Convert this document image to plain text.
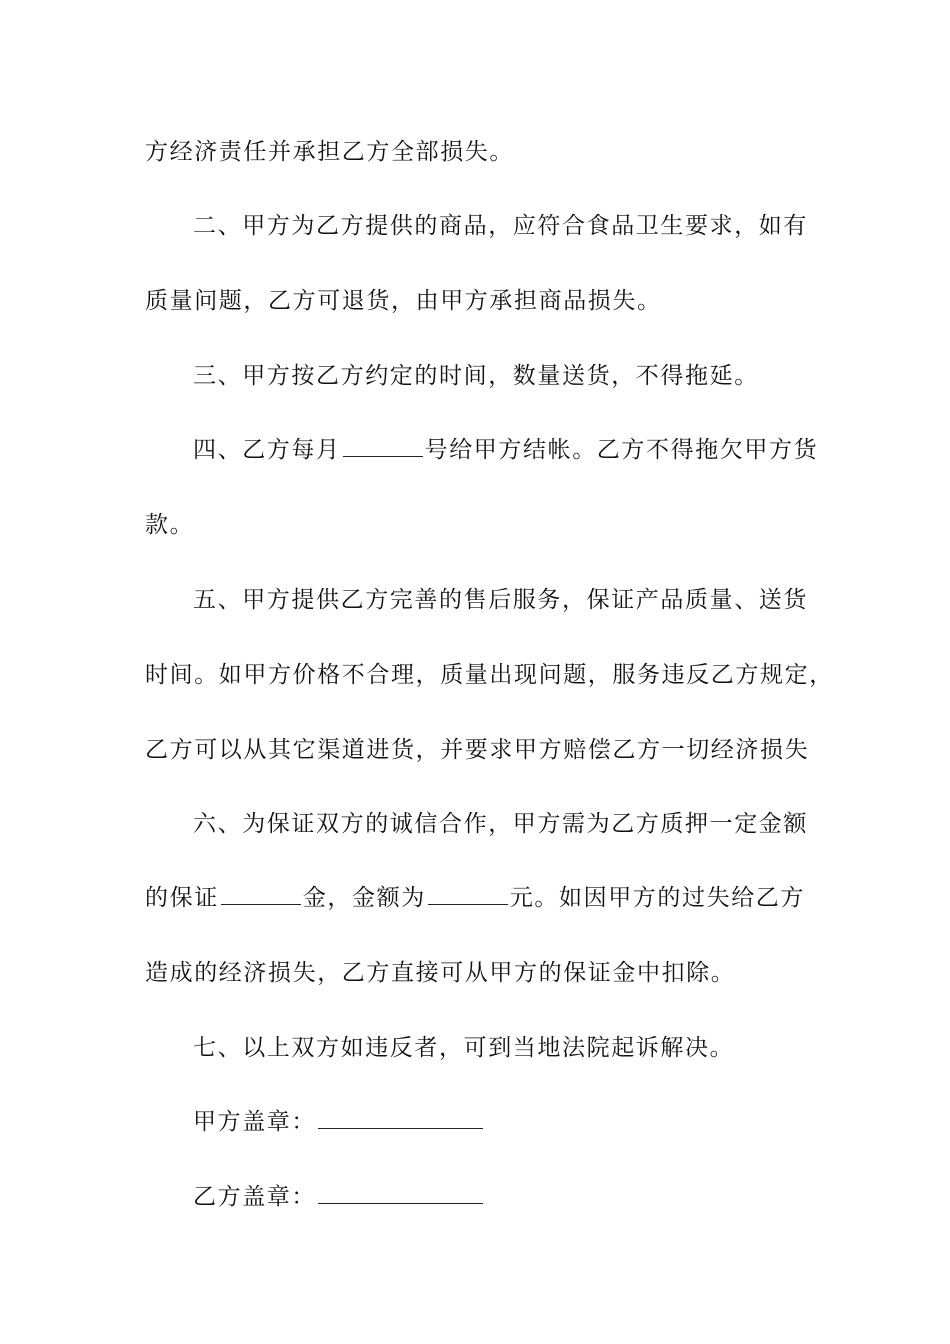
方经济责任并承担乙方全部损失。
二、甲方为乙方提供的商品，应符合食品卫生要求，如有
质量问题，乙方可退货，由甲方承担商品损失。
三、甲方按乙方约定的时间，数量送货，不得拖延。
四、乙方每月	号给甲方结帐。乙方不得拖欠甲方货
款。
五、甲方提供乙方完善的售后服务，保证产品质量、送货
时间。如甲方价格不合理，质量出现问题，服务违反乙方规定，
乙方可以从其它渠道进货，并要求甲方赔偿乙方一切经济损失
六、为保证双方的诚信合作，甲方需为乙方质押一定金额
的保证	金，金额为	元。如因甲方的过失给乙方
造成的经济损失，乙方直接可从甲方的保证金中扣除。
七、以上双方如违反者，可到当地法院起诉解决。
甲方盖章：
乙方盖章：
